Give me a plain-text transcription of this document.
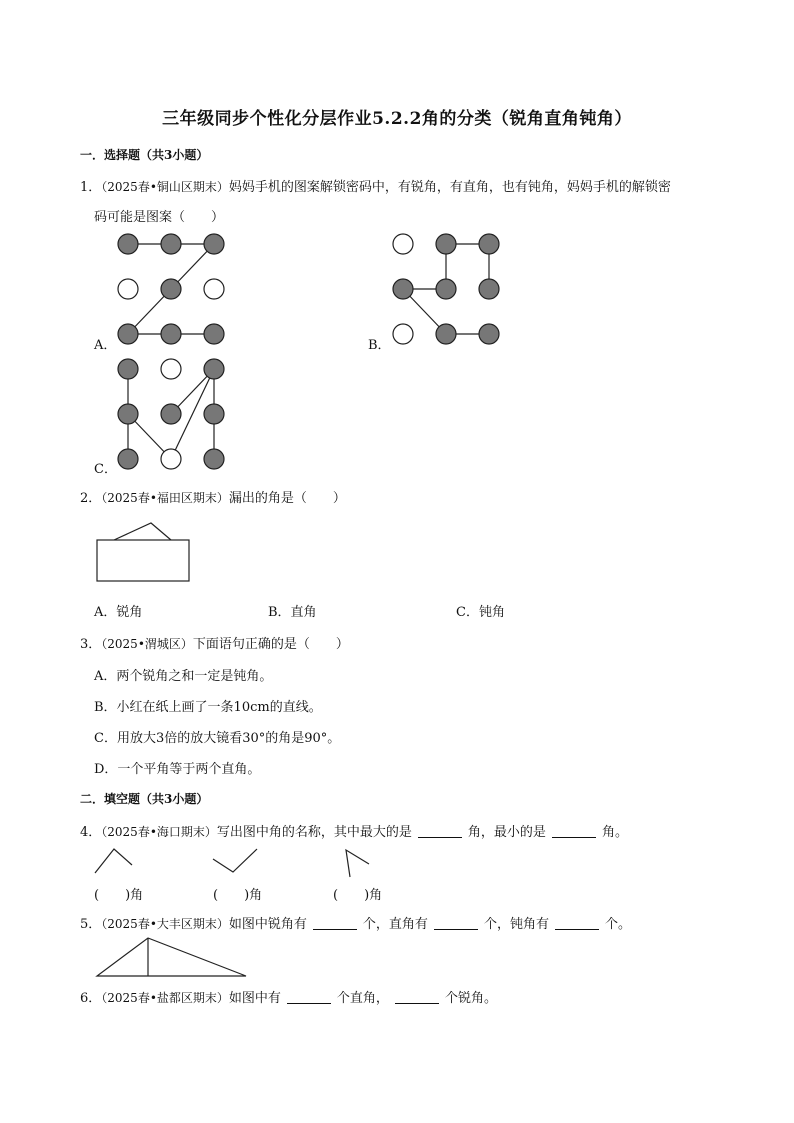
三年级同步个性化分层作业5.2.2角的分类（锐角直角钝角）
一．选择题（共3小题）
1．（2025春•铜山区期末）妈妈手机的图案解锁密码中，有锐角，有直角，也有钝角，妈妈手机的解锁密
码可能是图案（　　）
A．	B．
C．
2．（2025春•福田区期末）漏出的角是（　　）
A．锐角	B．直角	C．钝角
3．（2025•渭城区）下面语句正确的是（　　）
A．两个锐角之和一定是钝角。
B．小红在纸上画了一条10cm的直线。
C．用放大3倍的放大镜看30°的角是90°。
D．一个平角等于两个直角。
二．填空题（共3小题）
4．（2025春•海口期末）写出图中角的名称，其中最大的是	角，最小的是	角。
(　　)角	(　　)角	(　　)角
5．（2025春•大丰区期末）如图中锐角有	个，直角有	个，钝角有	个。
6．（2025春•盐都区期末）如图中有	个直角，	个锐角。
